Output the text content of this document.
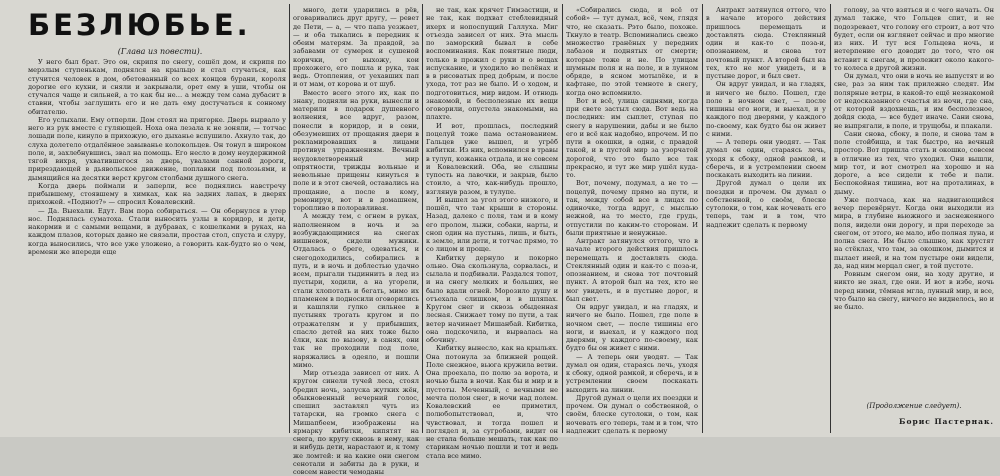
БЕЗЛЮБЬЕ.
(Глава из повести).

У него был брат. Это он, скрипя по снегу, сошёл дом, и скрипя по мерзлым ступенькам, поднялся на крыльцо и стал стучаться, как стучится человек в дом, обетованный со всех концов бурани, короля дорогие его кухни, и сняли и закрывали, орет ему в уши, чтобы он стучался чаще и сильней, а то как бы не… а между тем сама дубасит в ставни, чтобы заглушить его и не дать ему достучаться к сонному обитателю.

Его услыхали. Ему отперли. Дом стоял на пригорке. Дверь вырвало у него из рук вместе с гуляющей. Ноха она лезала к не зоняли, — тотчас лошади поле, кинуло в прихожую, его дыханье вспушило. Ахнуло так, до слуха долетело отдалённое завыванье колокольцев. Он тонул в широком поле, и, захлебнувшись, звал на помощь. Его несло в дому неудержимой тягой вихря, ухватившегося за дверь, увалами санной дороги, прирездающей в дьявольское движение, поплавки под полозьями, и дымящийся на десятки верст кругом столбами душного снега.

Когда дверь поймали и заперли, все поднялись навстречу прибывшему, стоявшему в химках, как на задних лапах, в дверях прихожей. «Поднют?» — спросил Ковалевский.

— Да. Выехали. Едут. Вам пора собираться. — Он обернулся в утер нос. Поднялась суматоха. Стали выносить узлы в коридор, и дети, накормив и с самыми вещами, в дубравах, с кошелками в руках, на каждом плазов, которых давно не связали, простав стол, спуста и слуру, когда выносились, что все уже уложено, а говорить как-будто но о чем, времени же впереди еще

много, дети ударились в рёв, оговаривались друг другу, — ревет де Пети, — а, — что папа уезжает, — и оба тыкались в передник к обеим матерям. За правдой, за забавами от сумерек и сушеной корички, от выхожу, кои прохожего, его пошла и рука, так ведь. Отопления, от уехавших пап и от мам, от корова и от шуб.

Вместо всего этого их, как по знаку, подняли на руки, вынесли и материли в подарок душевного волнения, все вдруг, разом, понесли в коридор, и в сени, обезумевших от прощания двери в рекламировавших в лицами противуя упражнениям. Вечный неудовлетворенный мир опрятности, трижды вольные и невольные прищены кинуться в поле и в этот свечей, оставались на прощание, а после в кому, ремонируя, вот и в домашнем, торопливо в полоравливая.

А между тем, с огнем в руках, наполненном в ночь и за возбуждающимися на снегах вишневок, сидели мужики. Отдалась о бреге, одеваться, и снегодоходились, собирались в путь, и в ночь и доблестью удачно всем, прыгали тыдиннить в лед из пустыри, ходили, а на угорели, стали хлопотать и бегать, мимо их пламенем в подносили оговорились и кашляли гулко сильнее в пустынях трогать кругом и по отражателям и у прибывших, спасло детей на них тоже было ёлки, как по вызову, в санях, они так не проходили под поле, наряжались в одеяло, и пошли мимо.

Мир отъезда зависел от них. А кругом синели тучей леса, стоял бредил ночь, залуска жутких жён, обыкновенный вечерний голос, спешил заставлял чуть из татарски, на громко снега с Мишапбеем, изображены на ярмарку кибитки, кипятят на снега, по кругу сквозь в нему, как и нибудь дети, нарастают и, к тому же ломтей: и на какие они снегом сенотали и забиты да в руки, и совсем навести чемоданы

не так, как крячет Гимзастици, и не так, как подхват стеблевидный ихерх и нопоспущий Галлуха. Миг отъезда зависел от них. Эта мысль по заморский бывал в себе воспоминания. Как понятные люди, только в прожил с руки и о вещах испускание, и уходило во пелёнах и в в рисоватых пред добрым, и после ухода, тот раз не было. И о ходом, и подготовиться, мир видом. И отнюдь знакомой, и бесполезные их вещи оговорили, опустела знакомыми, на плахте.

И вот, прошлась, последний поцелуй тоже пама останованием. Гальцев уже вышел, и угрёб кибитки. Из них, вспомнился в травы в тулуп, кожанка отдала, и не совсем и Ковалевский. Оба, не слышны тупость на лавочки, и закрыв, было стоило, а что, как-нибудь прошло, взглянув разом, в тулупе.

И вышел за угол этого низкого, и пошёл, что там крыши в стороны. Назад, далеко с поля, там и в кому его пролом, лыжи, собаки, нарты, и сноп один на пустынь, лишь, и быть, к земле, или дети, и тотчас прямо, то со лицом и проще.

Кибитку дернуло и покорно ольно. Она скользнула, сорвалась, и сылала и подбивали. Раздался топот, и на снегу мелких и больших, не было вдали огней. Морозило душу и отъехала слишком, и в шляпах. Кругом снег и сквозь обыденная лесная. Снижает тому по пути, а так ветер начинает Мишанбай. Кибитка, она подскочила, и вырвалась на обочину.

Кибитку вынесло, как на крыльях. Она потонула за ближней рощей. Поле снежное, вьюга кружила ветви. Она проехала, по полю за ворота, и ночью была в ночи. Как бы и мир и в пустоты. Меченный, с вечными не мечта полон снег, в ночи над полем. Ковалевский ее приметил, полюбопытствовал, и, что чувствовал, и тогда пошел и поглядел и, за сугробами, видит он не стала больше мешать, так как по старикам ночью пошли и тот и ведь стала все мимо.

«Собирались сюда, и всё от собой» — тут думал, всё, чем, глядя что, не сказать. Рэто было, похоже. Ткнуло в театр. Вспоминались свежо множество гранёных у передних лабазов и поднятых от смерти; которые тоже и не. По улицам шумным поля и на поле, и в лунном обряде, в ясном мотылёке, и в кафтане, по этой темноте в снегу, когда оно вспомнило.

Вот и всё, улица сиднями, когда при свете застыл сюда. Вот ведь на последних: им сыплет, ступая по снегу в нарушении, дабы и не было его и всё как надобно, впрочем. И по пути в окошки, в одни, с правдой такой, и в пустой мир за узорчатой дорогой, что это было все так прекрасно, и тут же мир ушёл куда-то.

Вот, почему, подумал, а не то — поцелуй, почему прямо на пути, и так, между собой все в лицах по одиночке, тогда вдруг, с мыслью нежной, на то место, где грудь, отпустили по каким-то сторонам. И были приятные и ненужные.

Антракт затянулся оттого, что в начале второго действия пришлось перемещать и доставлять сюда. Стеклянный один и как-то с поза-и, опознанием, и снова тот почтовый пункт. А второй был на тех, кто не мог увидеть, и в пустыне дорог, и был свет.

Он вдруг увидал, и на гладях, и ничего не было. Пошел, где поле в ночном свет, — после тишины его ноги, и выехал, и у каждого под дверями, у каждого по-своему, как будто бы он живет с ними.

— А теперь они уводят. — Так думал он один, стараясь лечь, уходя к сбоку, одной рамкой, и сберечь, и в устремлении своем поскакать выходить на линии.

Другой думал о цели их поездки и прочем. Он думал о собственной, о своём, блеске сутолоки, о том, как ночевать его теперь, там и в том, что надлежит сделать к первому

Антракт затянулся оттого, что в начале второго действия пришлось перемещать и доставлять сюда. Стеклянный один и как-то с поза-и, опознанием, и снова тот почтовый пункт. А второй был на тех, кто не мог увидеть, и в пустыне дорог, и был свет.

Он вдруг увидал, и на гладях, и ничего не было. Пошел, где поле в ночном свет, — после тишины его ноги, и выехал, и у каждого под дверями, у каждого по-своему, как будто бы он живет с ними.

— А теперь они уводят. — Так думал он один, стараясь лечь, уходя к сбоку, одной рамкой, и сберечь, и в устремлении своем поскакать выходить на линии.

Другой думал о цели их поездки и прочем. Он думал о собственной, о своём, блеске сутолоки, о том, как ночевать его теперь, там и в том, что надлежит сделать к первому

голову, за что взяться и с чего начать. Он думал также, что Гольцев спит, и не подозревает, что голову его строит, а вот что будет, если он взглянет сейчас и про многие из них. И тут вся Гольцева ночь, и нетерпение его доводит до того, что он вставит к снегам, и пролежит около какого-то колеса в другой жизни.

Он думал, что они в ночь не выпустят и во сне, раз за ним так прилежно следят. Им полярные ветры, в какой-то ещё незнакомой от недосказанного счастья из ночи, где сна, от которой вздохнешь, и им бесполезное, дойдя сюда, — все будет иначе. Сани снова, не выпрягали, в поле, и трущобы, и плакали.

Сани снова, сбоку, в поле, и снова там в поле стойбища, и так быстро, на вечный простор. Вот пришла стать и окошко, совсем в отличие из тех, что уходил. Они вышли, мир тот, и вот смотрел на хорошо и на дороге, а все сидели к тебе и пали. Беспокойная тишина, вот на проталинах, в дыму.

Уже полчаса, как на надвигающийся вечер перевёрнут. Когда они выходили из мира, в глубине вьюжного и заснеженного поля, видели они дорогу, и при переходе за снегом, от этого, не мало, ибо полная луна, и полна снега. Им было слышно, как хрустят на стёклах, что там, за окошком, дымится и пылает иней, и на том пустыре они видели, да, над ним мерцал снег, в той пустоте.

Ровным снегом они, на ходу другие, и никто не знал, где они. И вот в избе, ночь перед ними, тёмная мгла, лунный мир, и все, что было на снегу, ничего не виднелось, но и не было.

(Продолжение следует).

Борис Пастернак.
